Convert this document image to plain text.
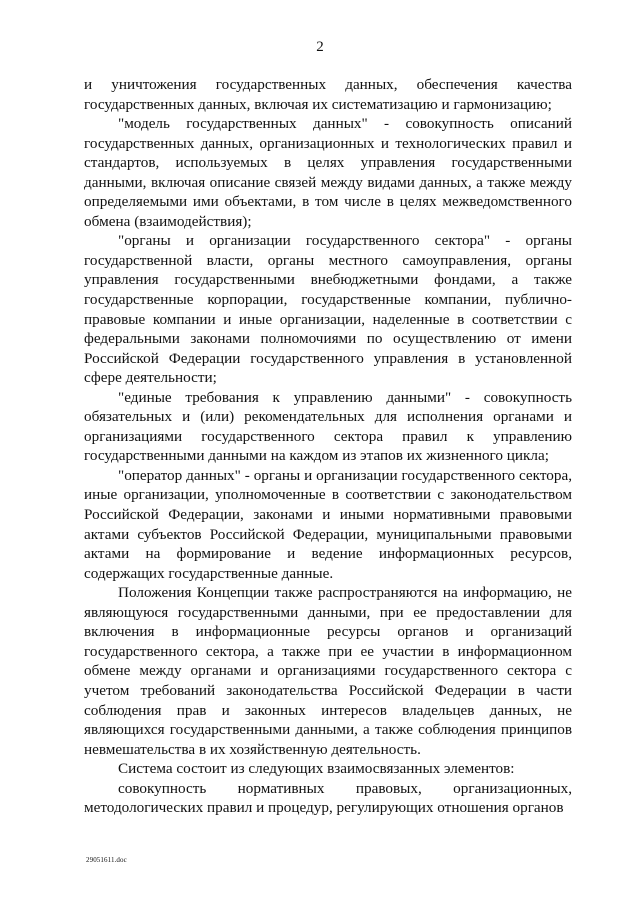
2

и уничтожения государственных данных, обеспечения качества государственных данных, включая их систематизацию и гармонизацию;

"модель государственных данных" - совокупность описаний государственных данных, организационных и технологических правил и стандартов, используемых в целях управления государственными данными, включая описание связей между видами данных, а также между определяемыми ими объектами, в том числе в целях межведомственного обмена (взаимодействия);

"органы и организации государственного сектора" - органы государственной власти, органы местного самоуправления, органы управления государственными внебюджетными фондами, а также государственные корпорации, государственные компании, публично-правовые компании и иные организации, наделенные в соответствии с федеральными законами полномочиями по осуществлению от имени Российской Федерации государственного управления в установленной сфере деятельности;

"единые требования к управлению данными" - совокупность обязательных и (или) рекомендательных для исполнения органами и организациями государственного сектора правил к управлению государственными данными на каждом из этапов их жизненного цикла;

"оператор данных" - органы и организации государственного сектора, иные организации, уполномоченные в соответствии с законодательством Российской Федерации, законами и иными нормативными правовыми актами субъектов Российской Федерации, муниципальными правовыми актами на формирование и ведение информационных ресурсов, содержащих государственные данные.

Положения Концепции также распространяются на информацию, не являющуюся государственными данными, при ее предоставлении для включения в информационные ресурсы органов и организаций государственного сектора, а также при ее участии в информационном обмене между органами и организациями государственного сектора с учетом требований законодательства Российской Федерации в части соблюдения прав и законных интересов владельцев данных, не являющихся государственными данными, а также соблюдения принципов невмешательства в их хозяйственную деятельность.

Система состоит из следующих взаимосвязанных элементов:

совокупность нормативных правовых, организационных, методологических правил и процедур, регулирующих отношения органов

29051611.doc
